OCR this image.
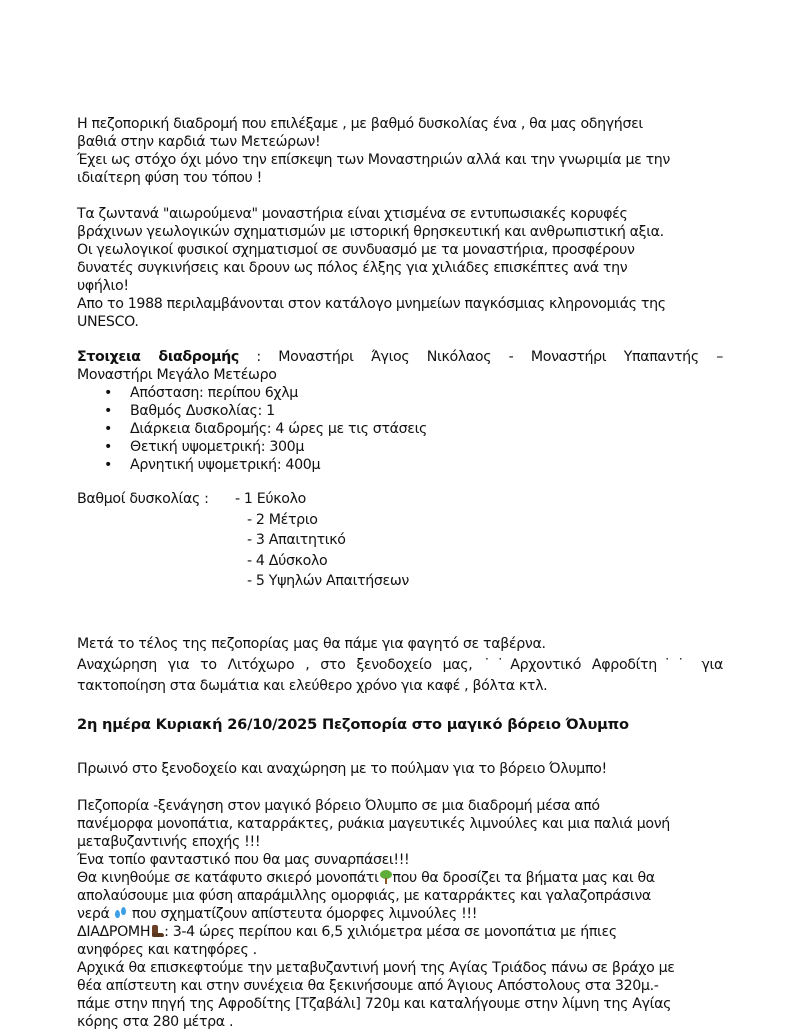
Η πεζοπορική διαδρομή που επιλέξαμε , με βαθμό δυσκολίας ένα , θα μας οδηγήσει
βαθιά στην καρδιά των Μετεώρων!
Έχει ως στόχο όχι μόνο την επίσκεψη των Μοναστηριών αλλά και την γνωριμία με την
ιδιαίτερη φύση του τόπου !
Τα ζωντανά "αιωρούμενα" μοναστήρια είναι χτισμένα σε εντυπωσιακές κορυφές
βράχινων γεωλογικών σχηματισμών με ιστορική θρησκευτική και ανθρωπιστική αξια.
Οι γεωλογικοί φυσικοί σχηματισμοί σε συνδυασμό με τα μοναστήρια, προσφέρουν
δυνατές συγκινήσεις και δρουν ως πόλος έλξης για χιλιάδες επισκέπτες ανά την
υφήλιο!
Απο το 1988 περιλαμβάνονται στον κατάλογο μνημείων παγκόσμιας κληρονομιάς της
UNESCO.
Στοιχεια διαδρομής : Μοναστήρι Άγιος Νικόλαος - Μοναστήρι Υπαπαντής –
Μοναστήρι Μεγάλο Μετέωρο
• Απόσταση: περίπου 6χλμ
• Βαθμός Δυσκολίας: 1
• Διάρκεια διαδρομής: 4 ώρες με τις στάσεις
• Θετική υψομετρική: 300μ
• Αρνητική υψομετρική: 400μ
Βαθμοί δυσκολίας : - 1 Εύκολο
- 2 Μέτριο
- 3 Απαιτητικό
- 4 Δύσκολο
- 5 Υψηλών Απαιτήσεων
Μετά το τέλος της πεζοπορίας μας θα πάμε για φαγητό σε ταβέρνα.
Αναχώρηση για το Λιτόχωρο , στο ξενοδοχείο μας, ˙˙Αρχοντικό Αφροδίτη˙˙ για
τακτοποίηση στα δωμάτια και ελεύθερο χρόνο για καφέ , βόλτα κτλ.
2η ημέρα Κυριακή 26/10/2025 Πεζοπορία στο μαγικό βόρειο Όλυμπο
Πρωινό στο ξενοδοχείο και αναχώρηση με το πούλμαν για το βόρειο Όλυμπο!
Πεζοπορία -ξενάγηση στον μαγικό βόρειο Όλυμπο σε μια διαδρομή μέσα από
πανέμορφα μονοπάτια, καταρράκτες, ρυάκια μαγευτικές λιμνούλες και μια παλιά μονή
μεταβυζαντινής εποχής !!!
Ένα τοπίο φανταστικό που θα μας συναρπάσει!!!
Θα κινηθούμε σε κατάφυτο σκιερό μονοπάτι που θα δροσίζει τα βήματα μας και θα
απολαύσουμε μια φύση απαράμιλλης ομορφιάς, με καταρράκτες και γαλαζοπράσινα
νερά  που σχηματίζουν απίστευτα όμορφες λιμνούλες !!!
ΔΙΑΔΡΟΜΗ : 3-4 ώρες περίπου και 6,5 χιλιόμετρα μέσα σε μονοπάτια με ήπιες
ανηφόρες και κατηφόρες .
Αρχικά θα επισκεφτούμε την μεταβυζαντινή μονή της Αγίας Τριάδος πάνω σε βράχο με
θέα απίστευτη και στην συνέχεια θα ξεκινήσουμε από Άγιους Απόστολους στα 320μ.-
πάμε στην πηγή της Αφροδίτης [Τζαβάλι] 720μ και καταλήγουμε στην λίμνη της Αγίας
κόρης στα 280 μέτρα .
